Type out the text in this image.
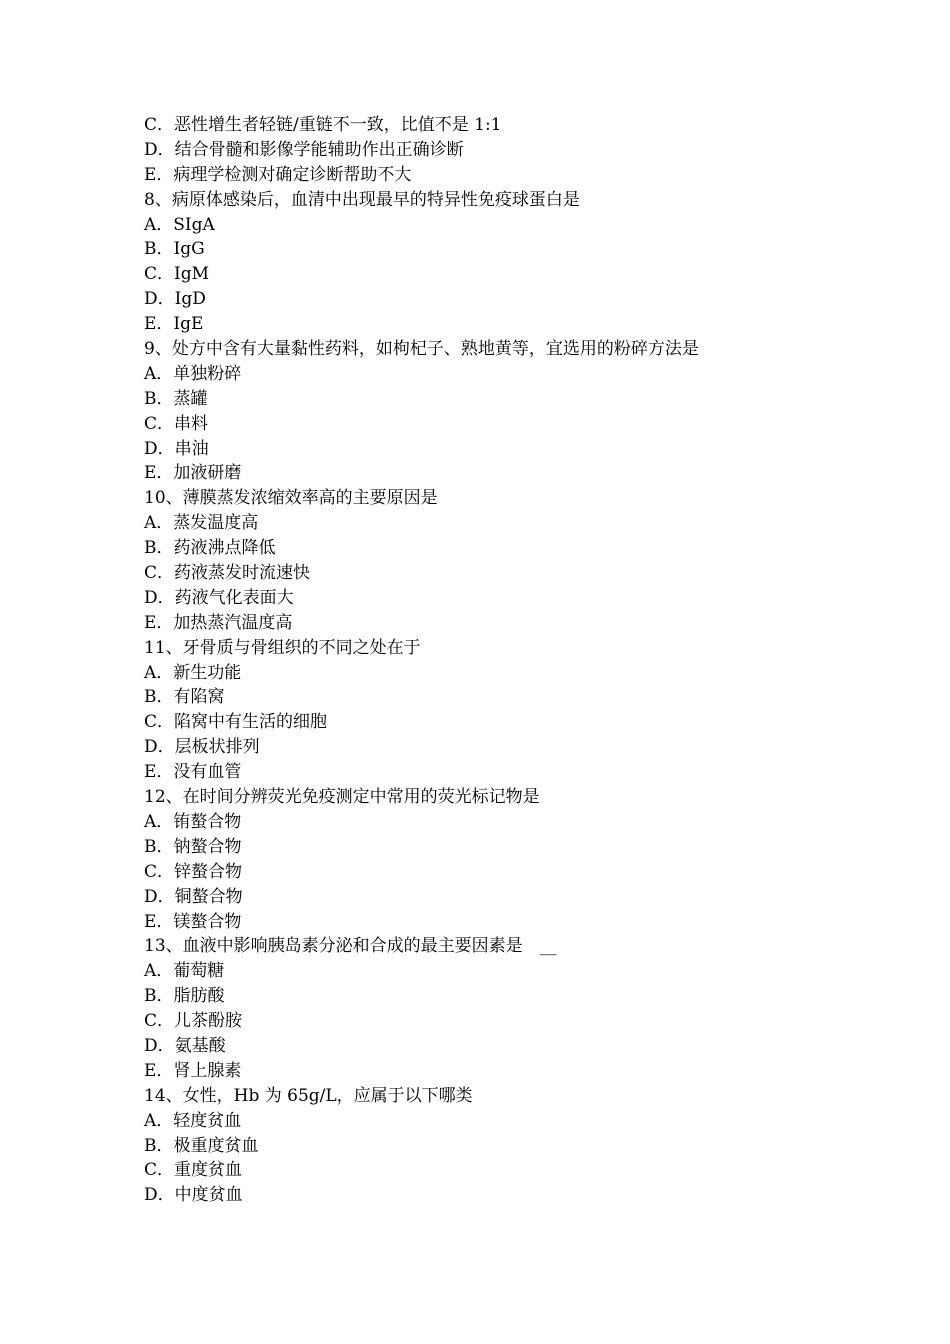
C．恶性增生者轻链/重链不一致，比值不是 1:1
D．结合骨髓和影像学能辅助作出正确诊断
E．病理学检测对确定诊断帮助不大
8、病原体感染后，血清中出现最早的特异性免疫球蛋白是
A．SIgA
B．IgG
C．IgM
D．IgD
E．IgE
9、处方中含有大量黏性药料，如枸杞子、熟地黄等，宜选用的粉碎方法是
A．单独粉碎
B．蒸罐
C．串料
D．串油
E．加液研磨
10、薄膜蒸发浓缩效率高的主要原因是
A．蒸发温度高
B．药液沸点降低
C．药液蒸发时流速快
D．药液气化表面大
E．加热蒸汽温度高
11、牙骨质与骨组织的不同之处在于
A．新生功能
B．有陷窝
C．陷窝中有生活的细胞
D．层板状排列
E．没有血管
12、在时间分辨荧光免疫测定中常用的荧光标记物是
A．铕螯合物
B．钠螯合物
C．锌螯合物
D．铜螯合物
E．镁螯合物
13、血液中影响胰岛素分泌和合成的最主要因素是　__
A．葡萄糖
B．脂肪酸
C．儿茶酚胺
D．氨基酸
E．肾上腺素
14、女性，Hb 为 65g/L，应属于以下哪类
A．轻度贫血
B．极重度贫血
C．重度贫血
D．中度贫血
